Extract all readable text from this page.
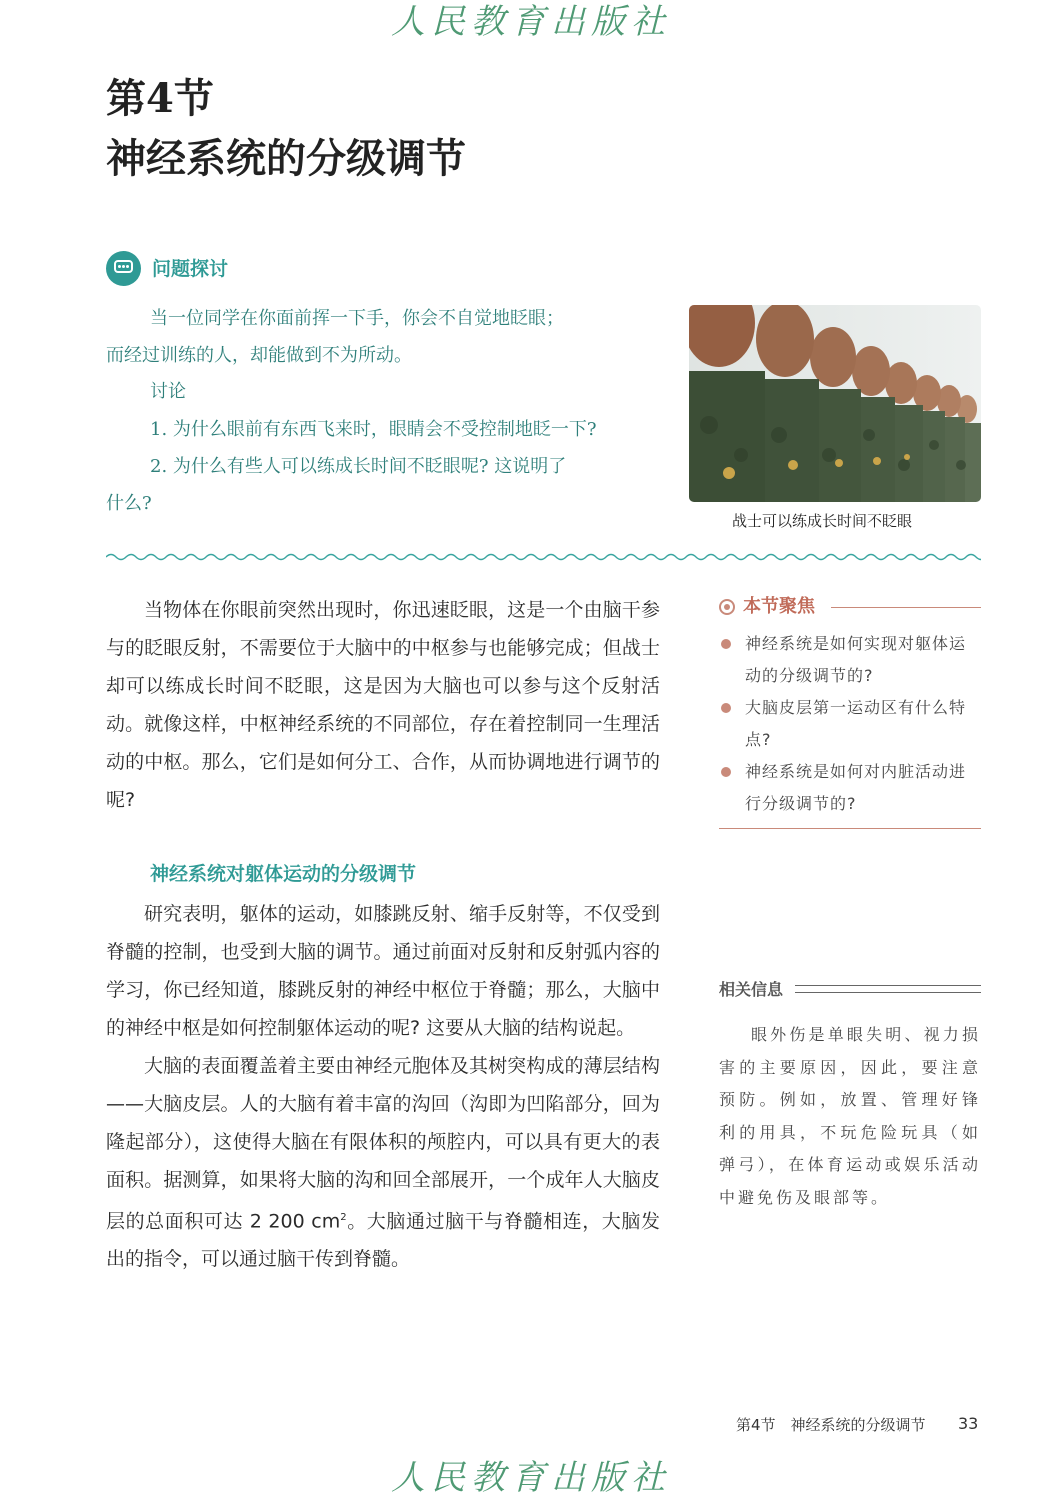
人民教育出版社
第4节
神经系统的分级调节
问题探讨
当一位同学在你面前挥一下手，你会不自觉地眨眼；
而经过训练的人，却能做到不为所动。
讨论
1. 为什么眼前有东西飞来时，眼睛会不受控制地眨一下?
2. 为什么有些人可以练成长时间不眨眼呢? 这说明了
什么?
战士可以练成长时间不眨眼

当物体在你眼前突然出现时，你迅速眨眼，这是一个由脑干参与的眨眼反射，不需要位于大脑中的中枢参与也能够完成；但战士却可以练成长时间不眨眼，这是因为大脑也可以参与这个反射活动。就像这样，中枢神经系统的不同部位，存在着控制同一生理活动的中枢。那么，它们是如何分工、合作，从而协调地进行调节的呢?

神经系统对躯体运动的分级调节

研究表明，躯体的运动，如膝跳反射、缩手反射等，不仅受到脊髓的控制，也受到大脑的调节。通过前面对反射和反射弧内容的学习，你已经知道，膝跳反射的神经中枢位于脊髓；那么，大脑中的神经中枢是如何控制躯体运动的呢? 这要从大脑的结构说起。

大脑的表面覆盖着主要由神经元胞体及其树突构成的薄层结构——大脑皮层。人的大脑有着丰富的沟回（沟即为凹陷部分，回为隆起部分），这使得大脑在有限体积的颅腔内，可以具有更大的表面积。据测算，如果将大脑的沟和回全部展开，一个成年人大脑皮层的总面积可达 2 200 $cm^2$。大脑通过脑干与脊髓相连，大脑发出的指令，可以通过脑干传到脊髓。

本节聚焦
神经系统是如何实现对躯体运动的分级调节的?
大脑皮层第一运动区有什么特点?
神经系统是如何对内脏活动进行分级调节的?
相关信息

眼外伤是单眼失明、视力损害的主要原因，因此，要注意预防。例如，放置、管理好锋利的用具，不玩危险玩具（如弹弓），在体育运动或娱乐活动中避免伤及眼部等。

第4节　神经系统的分级调节 33
人民教育出版社
